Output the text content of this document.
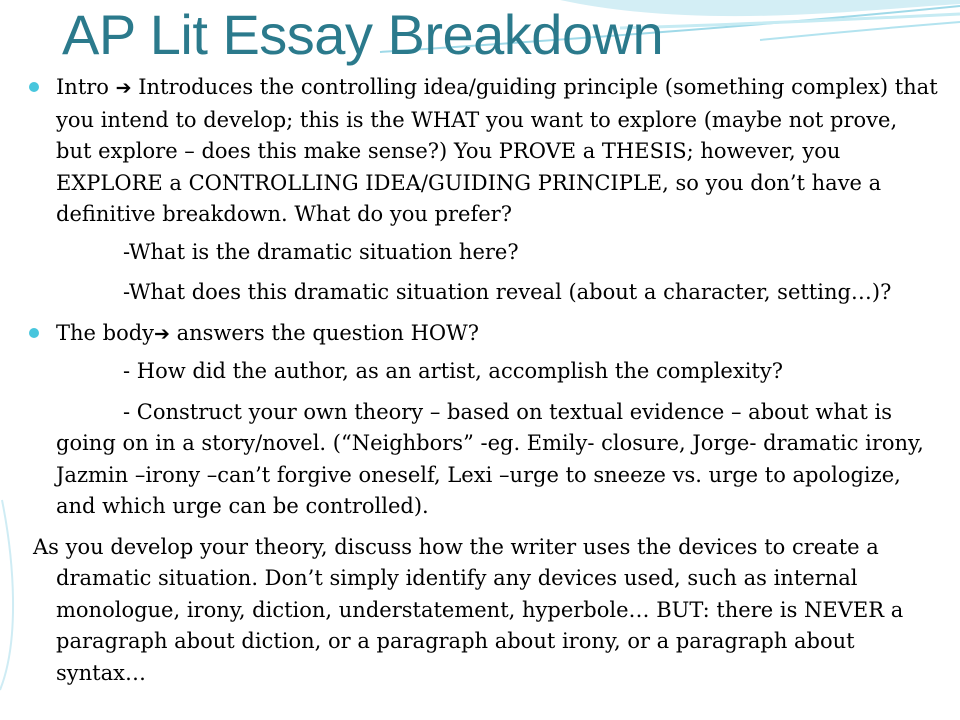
AP Lit Essay Breakdown
Intro ➔ Introduces the controlling idea/guiding principle (something complex) that you intend to develop; this is the WHAT you want to explore (maybe not prove, but explore – does this make sense?) You PROVE a THESIS; however, you EXPLORE a CONTROLLING IDEA/GUIDING PRINCIPLE, so you don’t have a definitive breakdown. What do you prefer?

-What is the dramatic situation here?

-What does this dramatic situation reveal (about a character, setting…)?

The body➔ answers the question HOW?

- How did the author, as an artist, accomplish the complexity?

- Construct your own theory – based on textual evidence – about what is going on in a story/novel. (“Neighbors” -eg. Emily- closure, Jorge- dramatic irony, Jazmin –irony –can’t forgive oneself, Lexi –urge to sneeze vs. urge to apologize, and which urge can be controlled).

As you develop your theory, discuss how the writer uses the devices to create a dramatic situation. Don’t simply identify any devices used, such as internal monologue, irony, diction, understatement, hyperbole… BUT: there is NEVER a paragraph about diction, or a paragraph about irony, or a paragraph about syntax…
